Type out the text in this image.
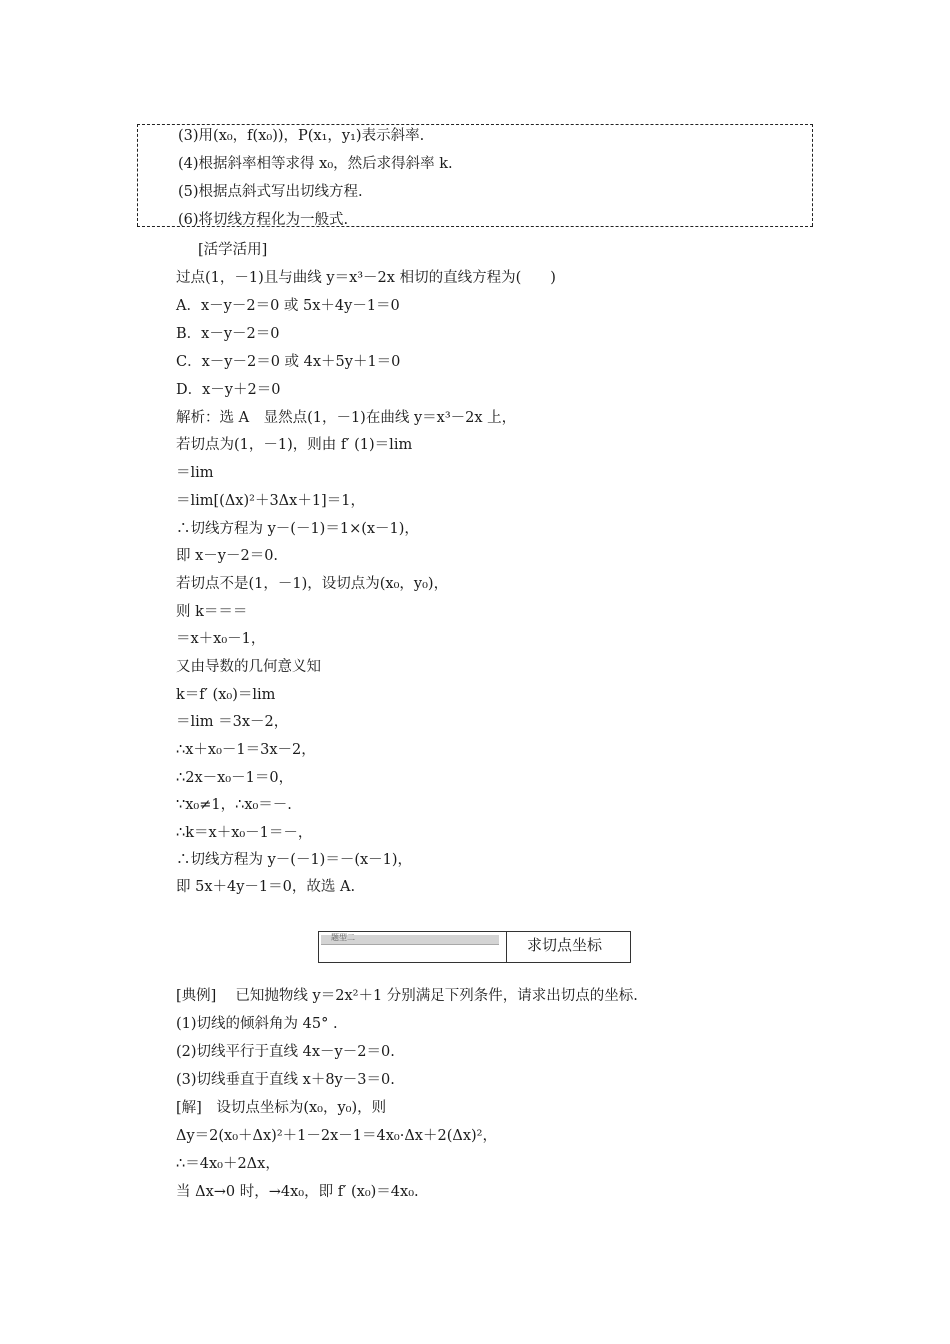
(3)用(x₀，f(x₀))，P(x₁，y₁)表示斜率.
(4)根据斜率相等求得 x₀，然后求得斜率 k.
(5)根据点斜式写出切线方程.
(6)将切线方程化为一般式.
[活学活用]
过点(1，－1)且与曲线 y＝x³－2x 相切的直线方程为(　　)
A．x－y－2＝0 或 5x＋4y－1＝0
B．x－y－2＝0
C．x－y－2＝0 或 4x＋5y＋1＝0
D．x－y＋2＝0
解析：选 A　显然点(1，－1)在曲线 y＝x³－2x 上，
若切点为(1，－1)，则由 f′ (1)＝lim
＝lim
＝lim[(Δx)²＋3Δx＋1]＝1，
∴切线方程为 y－(－1)＝1×(x－1)，
即 x－y－2＝0.
若切点不是(1，－1)，设切点为(x₀，y₀)，
则 k＝＝＝
＝x＋x₀－1，
又由导数的几何意义知
k＝f′ (x₀)＝lim
＝lim ＝3x－2，
∴x＋x₀－1＝3x－2，
∴2x－x₀－1＝0，
∵x₀≠1，∴x₀＝－.
∴k＝x＋x₀－1＝－，
∴切线方程为 y－(－1)＝－(x－1)，
即 5x＋4y－1＝0，故选 A.
题型二	求切点坐标
[典例]　 已知抛物线 y＝2x²＋1 分别满足下列条件，请求出切点的坐标.
(1)切线的倾斜角为 45° .
(2)切线平行于直线 4x－y－2＝0.
(3)切线垂直于直线 x＋8y－3＝0.
[解]　设切点坐标为(x₀，y₀)，则
Δy＝2(x₀＋Δx)²＋1－2x－1＝4x₀·Δx＋2(Δx)²，
∴＝4x₀＋2Δx，
当 Δx→0 时，→4x₀，即 f′ (x₀)＝4x₀.
